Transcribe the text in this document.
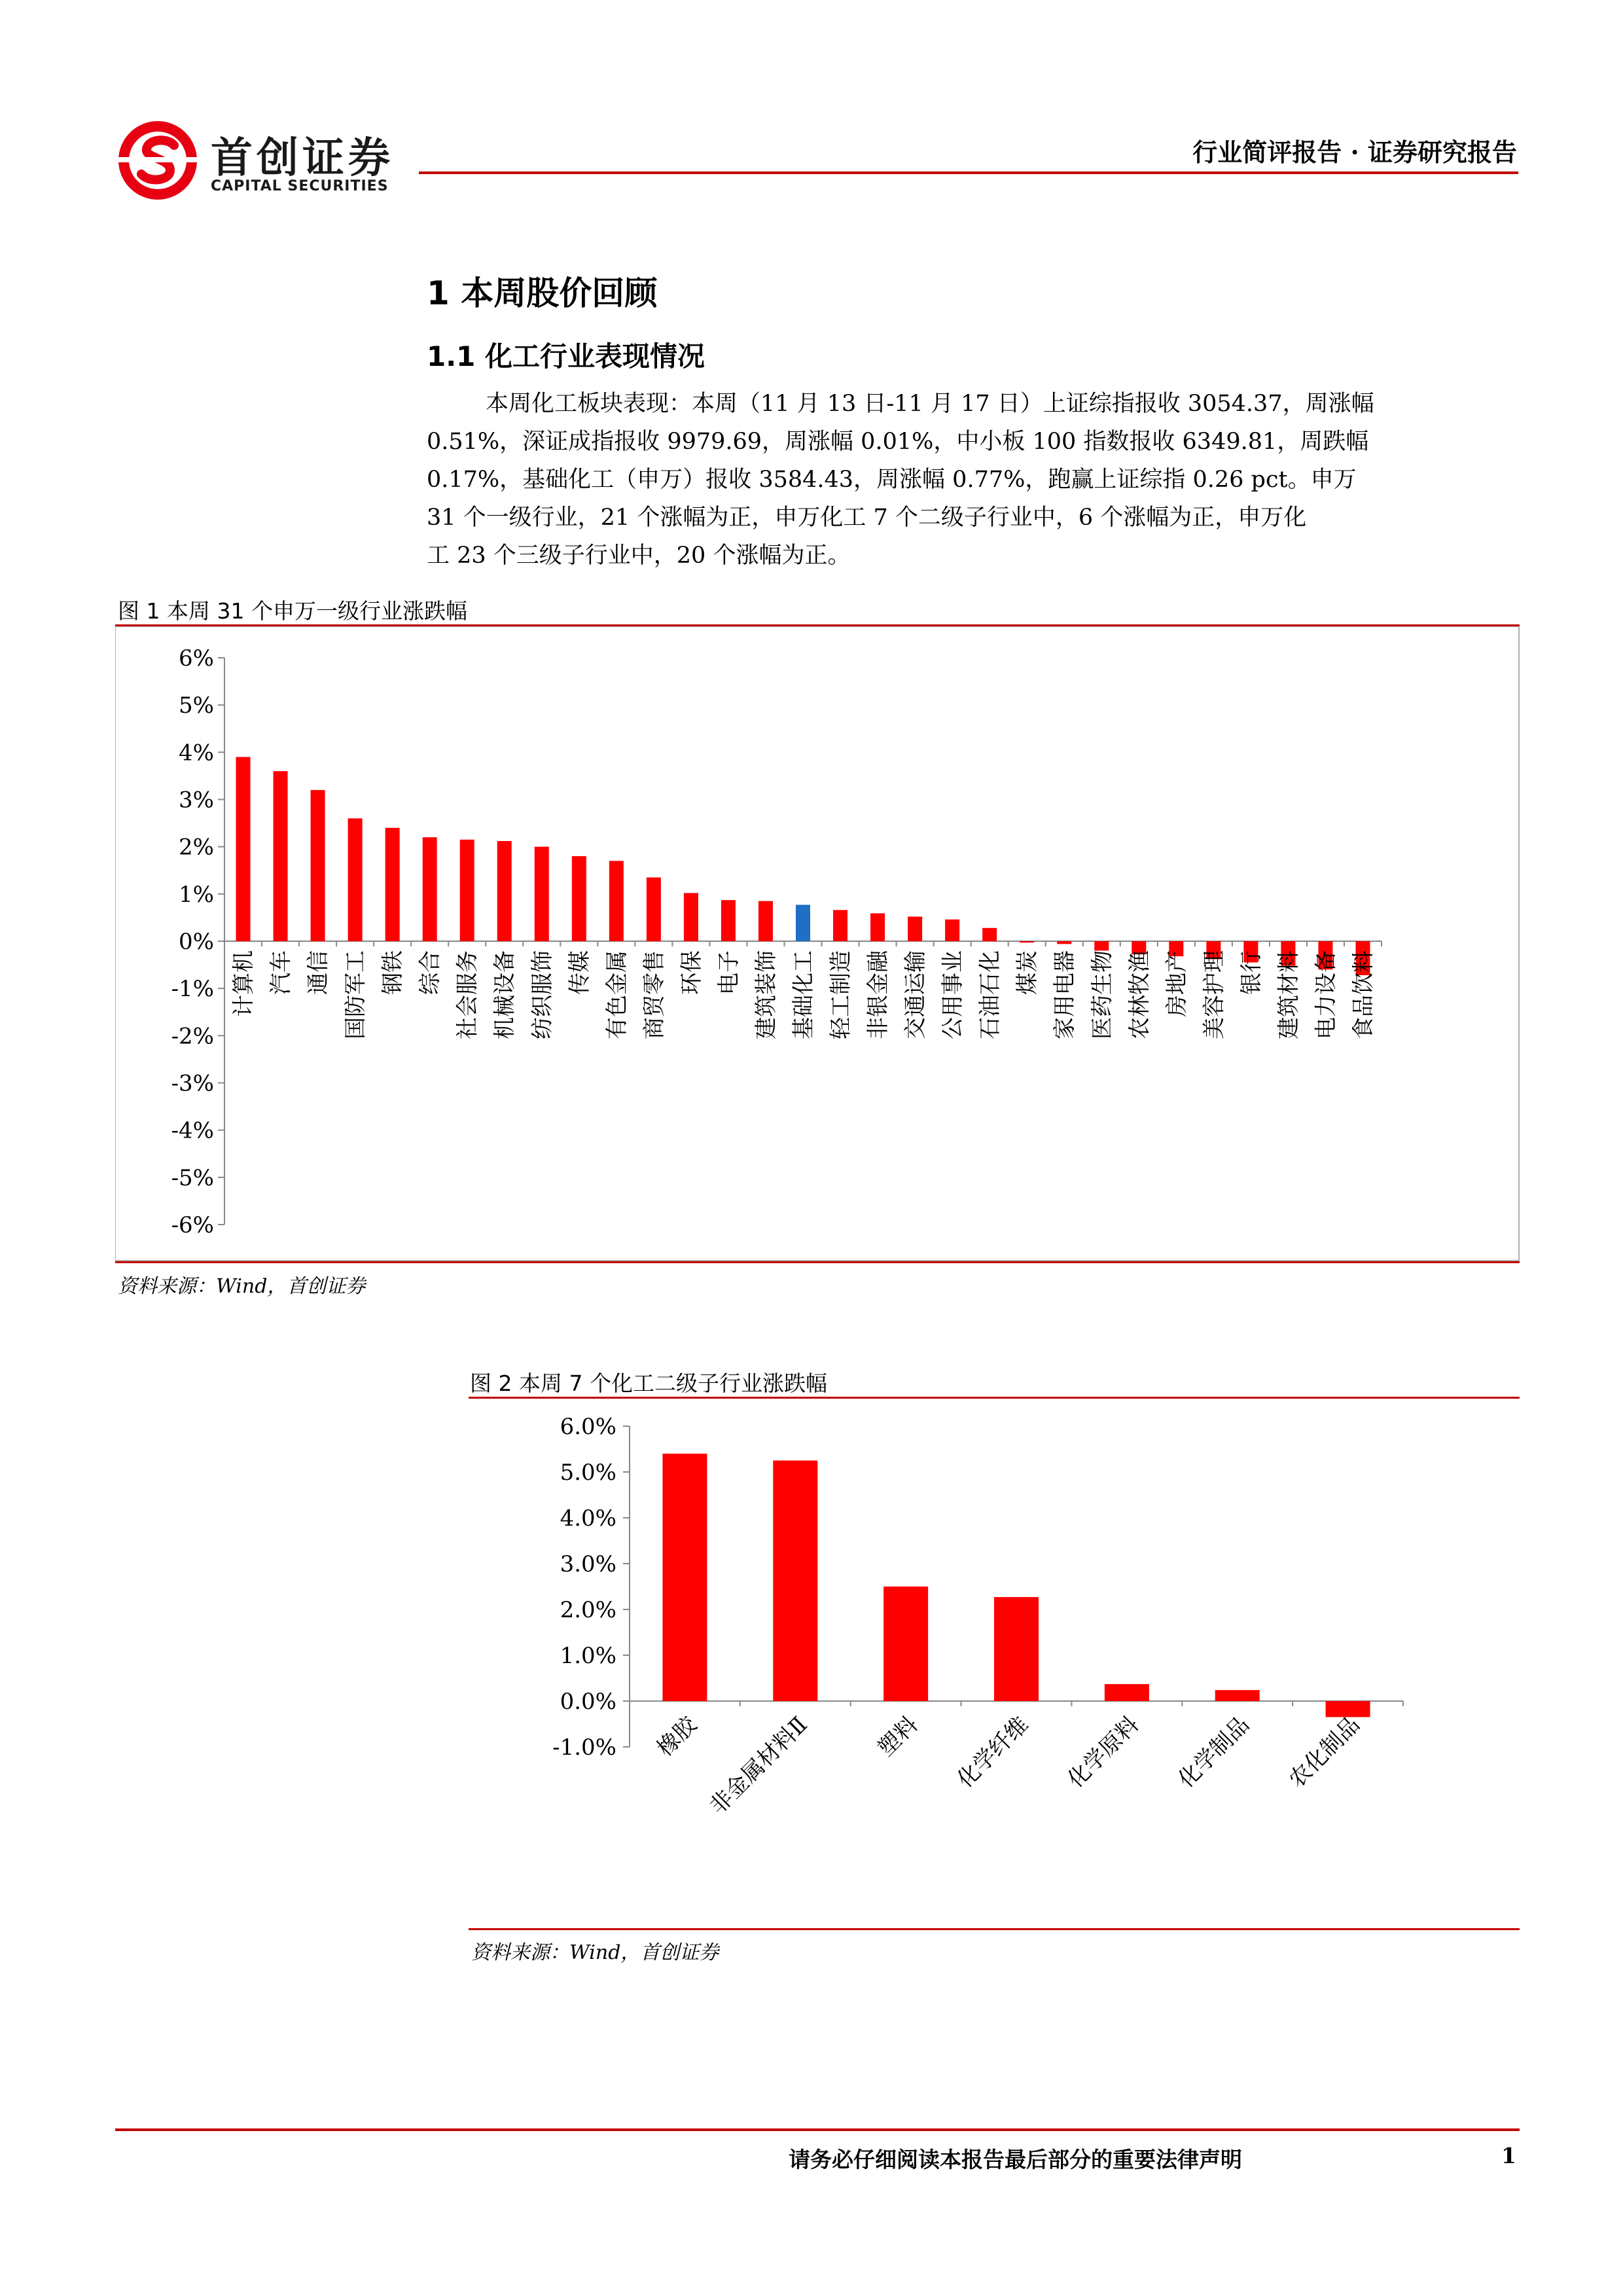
首创证券
CAPITAL SECURITIES
行业简评报告 · 证券研究报告
1 本周股价回顾
1.1 化工行业表现情况
本周化工板块表现：本周（11 月 13 日-11 月 17 日）上证综指报收 3054.37，周涨幅
0.51%，深证成指报收 9979.69，周涨幅 0.01%，中小板 100 指数报收 6349.81，周跌幅
0.17%，基础化工（申万）报收 3584.43，周涨幅 0.77%，跑赢上证综指 0.26 pct。申万
31 个一级行业，21 个涨幅为正，申万化工 7 个二级子行业中，6 个涨幅为正，申万化
工 23 个三级子行业中，20 个涨幅为正。
图 1 本周 31 个申万一级行业涨跌幅
6%
5%
4%
3%
2%
1%
0%
-1%
-2%
-3%
-4%
-5%
-6%
计算机 汽车 通信 国防军工 钢铁 综合 社会服务 机械设备 纺织服饰 传媒 有色金属 商贸零售 环保 电子 建筑装饰 基础化工 轻工制造 非银金融 交通运输 公用事业 石油石化 煤炭 家用电器 医药生物 农林牧渔 房地产 美容护理 银行 建筑材料 电力设备 食品饮料
资料来源：Wind，首创证券
图 2 本周 7 个化工二级子行业涨跌幅
6.0%
5.0%
4.0%
3.0%
2.0%
1.0%
0.0%
-1.0% 橡胶 非金属材料Ⅱ	塑料 化学纤维 化学原料 化学制品 农化制品
资料来源：Wind，首创证券
请务必仔细阅读本报告最后部分的重要法律声明	1
